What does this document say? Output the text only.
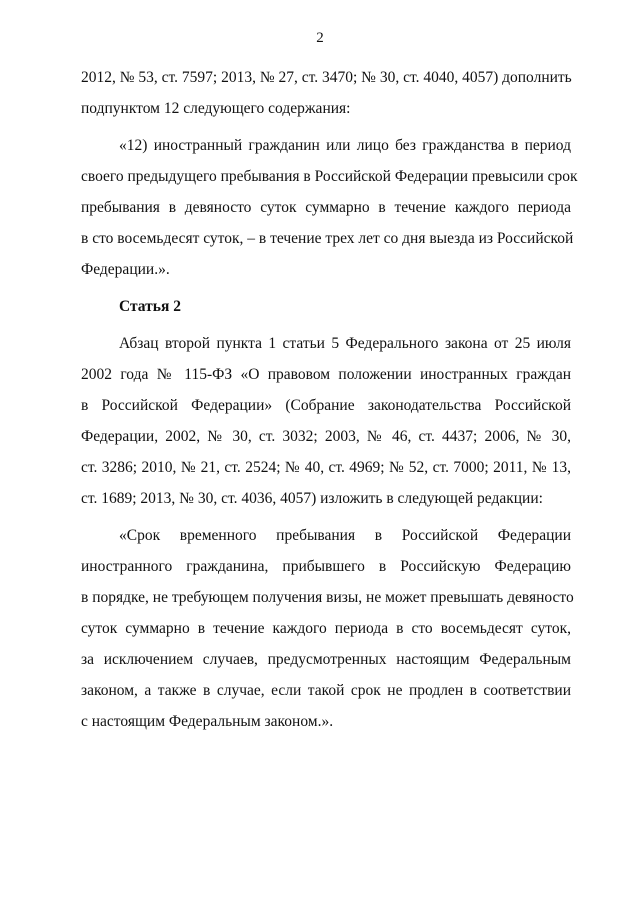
2
2012, № 53, ст. 7597; 2013, № 27, ст. 3470; № 30, ст. 4040, 4057) дополнить
подпунктом 12 следующего содержания:
«12) иностранный гражданин или лицо без гражданства в период
своего предыдущего пребывания в Российской Федерации превысили срок
пребывания в девяносто суток суммарно в течение каждого периода
в сто восемьдесят суток, – в течение трех лет со дня выезда из Российской
Федерации.».
Статья 2
Абзац второй пункта 1 статьи 5 Федерального закона от 25 июля
2002 года № 115-ФЗ «О правовом положении иностранных граждан
в Российской Федерации» (Собрание законодательства Российской
Федерации, 2002, № 30, ст. 3032; 2003, № 46, ст. 4437; 2006, № 30,
ст. 3286; 2010, № 21, ст. 2524; № 40, ст. 4969; № 52, ст. 7000; 2011, № 13,
ст. 1689; 2013, № 30, ст. 4036, 4057) изложить в следующей редакции:
«Срок временного пребывания в Российской Федерации
иностранного гражданина, прибывшего в Российскую Федерацию
в порядке, не требующем получения визы, не может превышать девяносто
суток суммарно в течение каждого периода в сто восемьдесят суток,
за исключением случаев, предусмотренных настоящим Федеральным
законом, а также в случае, если такой срок не продлен в соответствии
с настоящим Федеральным законом.».
